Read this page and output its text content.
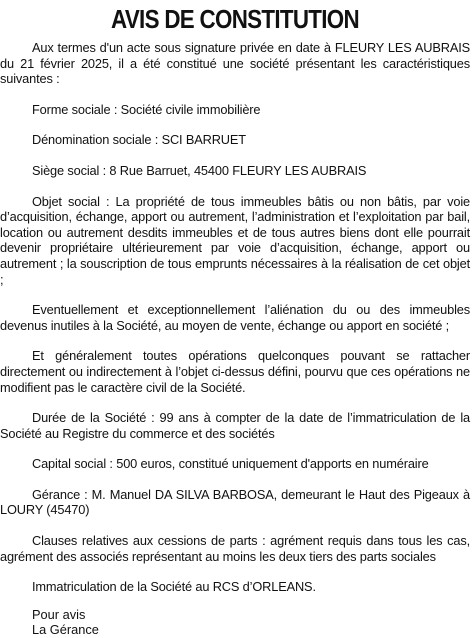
AVIS DE CONSTITUTION

Aux termes d'un acte sous signature privée en date à FLEURY LES AUBRAIS du 21 février 2025, il a été constitué une société présentant les caractéristiques suivantes :

Forme sociale : Société civile immobilière

Dénomination sociale : SCI BARRUET

Siège social : 8 Rue Barruet, 45400 FLEURY LES AUBRAIS

Objet social : La propriété de tous immeubles bâtis ou non bâtis, par voie d’acquisition, échange, apport ou autrement, l’administration et l’exploitation par bail, location ou autrement desdits immeubles et de tous autres biens dont elle pourrait devenir propriétaire ultérieurement par voie d’acquisition, échange, apport ou autrement ; la souscription de tous emprunts nécessaires à la réalisation de cet objet ;

Eventuellement et exceptionnellement l’aliénation du ou des immeubles devenus inutiles à la Société, au moyen de vente, échange ou apport en société ;

Et généralement toutes opérations quelconques pouvant se rattacher directement ou indirectement à l’objet ci-dessus défini, pourvu que ces opérations ne modifient pas le caractère civil de la Société.

Durée de la Société : 99 ans à compter de la date de l’immatriculation de la Société au Registre du commerce et des sociétés

Capital social : 500 euros, constitué uniquement d'apports en numéraire

Gérance : M. Manuel DA SILVA BARBOSA, demeurant le Haut des Pigeaux à LOURY (45470)

Clauses relatives aux cessions de parts : agrément requis dans tous les cas, agrément des associés représentant au moins les deux tiers des parts sociales

Immatriculation de la Société au RCS d’ORLEANS.

Pour avis
La Gérance
